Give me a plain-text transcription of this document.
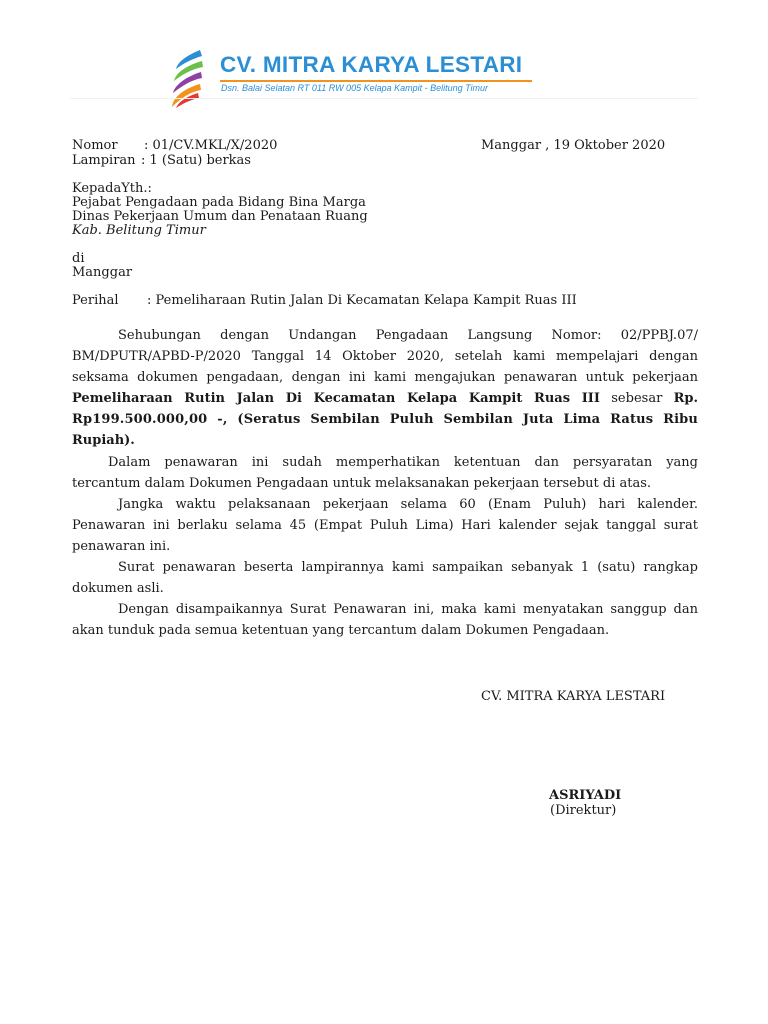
CV. MITRA KARYA LESTARI
Dsn. Balai Selatan RT 011 RW 005 Kelapa Kampit - Belitung Timur
Nomor : 01/CV.MKL/X/2020
Lampiran : 1 (Satu) berkas
Manggar , 19 Oktober 2020
KepadaYth.:
Pejabat Pengadaan pada Bidang Bina Marga
Dinas Pekerjaan Umum dan Penataan Ruang
Kab. Belitung Timur
di
Manggar
Perihal : Pemeliharaan Rutin Jalan Di Kecamatan Kelapa Kampit Ruas III
Sehubungan dengan Undangan Pengadaan Langsung Nomor: 02/PPBJ.07/
BM/DPUTR/APBD-P/2020 Tanggal 14 Oktober 2020, setelah kami mempelajari dengan
seksama dokumen pengadaan, dengan ini kami mengajukan penawaran untuk pekerjaan
Pemeliharaan Rutin Jalan Di Kecamatan Kelapa Kampit Ruas III sebesar Rp.
Rp199.500.000,00 -, (Seratus Sembilan Puluh Sembilan Juta Lima Ratus Ribu
Rupiah).
Dalam penawaran ini sudah memperhatikan ketentuan dan persyaratan yang
tercantum dalam Dokumen Pengadaan untuk melaksanakan pekerjaan tersebut di atas.
Jangka waktu pelaksanaan pekerjaan selama 60 (Enam Puluh) hari kalender.
Penawaran ini berlaku selama 45 (Empat Puluh Lima) Hari kalender sejak tanggal surat
penawaran ini.
Surat penawaran beserta lampirannya kami sampaikan sebanyak 1 (satu) rangkap
dokumen asli.
Dengan disampaikannya Surat Penawaran ini, maka kami menyatakan sanggup dan
akan tunduk pada semua ketentuan yang tercantum dalam Dokumen Pengadaan.
CV. MITRA KARYA LESTARI
ASRIYADI
(Direktur)
